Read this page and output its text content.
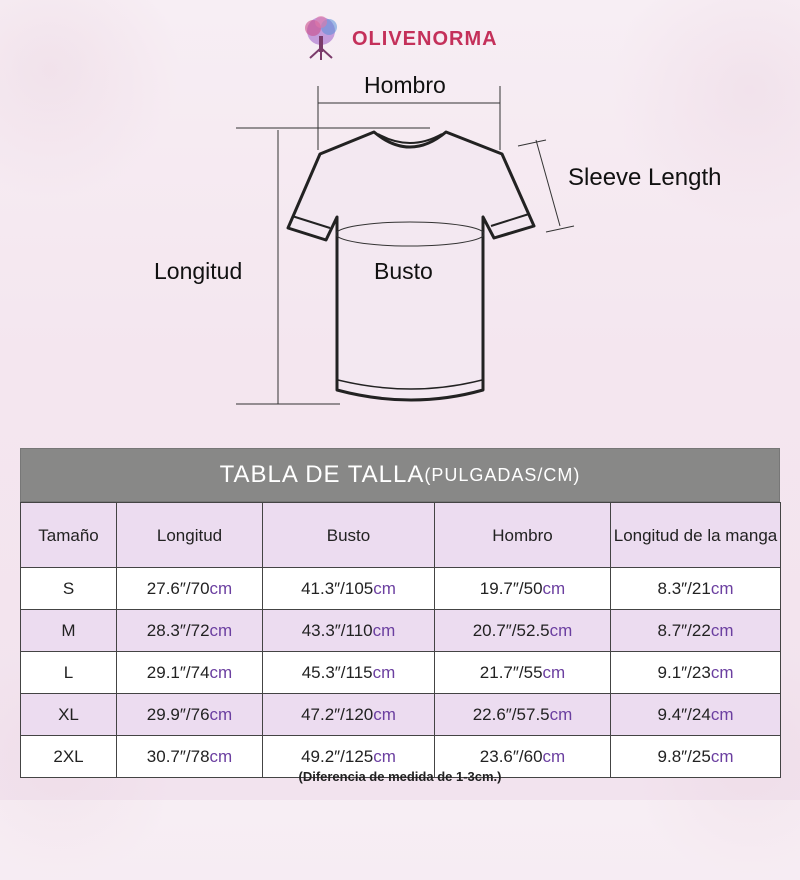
OLIVENORMA
Hombro
Sleeve Length
Longitud	Busto
TABLA DE TALLA (PULGADAS/CM)
Tamaño	Longitud	Busto	Hombro	Longitud de la manga
S	27.6″/70cm	41.3″/105cm	19.7″/50cm	8.3″/21cm
M	28.3″/72cm	43.3″/110cm	20.7″/52.5cm	8.7″/22cm
L	29.1″/74cm	45.3″/115cm	21.7″/55cm	9.1″/23cm
XL	29.9″/76cm	47.2″/120cm	22.6″/57.5cm	9.4″/24cm
2XL	30.7″/78cm	49.2″/125cm	23.6″/60cm	9.8″/25cm
(Diferencia de medida de 1-3cm.)
